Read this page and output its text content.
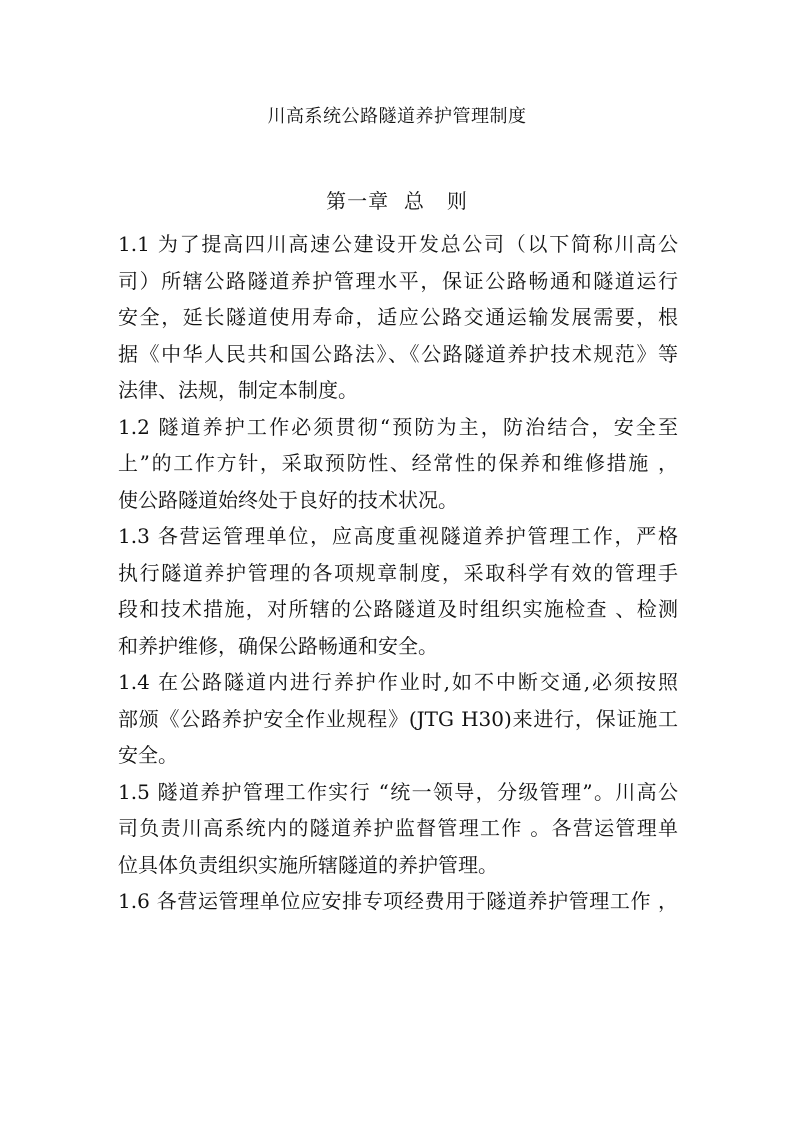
川高系统公路隧道养护管理制度
第一章 总 则
1.1 为了提高四川高速公建设开发总公司（以下简称川高公
司）所辖公路隧道养护管理水平，保证公路畅通和隧道运行
安全，延长隧道使用寿命，适应公路交通运输发展需要，根
据《中华人民共和国公路法》、《公路隧道养护技术规范》等
法律、法规，制定本制度。
1.2 隧道养护工作必须贯彻“预防为主，防治结合，安全至
上”的工作方针，采取预防性、经常性的保养和维修措施 ，
使公路隧道始终处于良好的技术状况。
1.3 各营运管理单位，应高度重视隧道养护管理工作，严格
执行隧道养护管理的各项规章制度，采取科学有效的管理手
段和技术措施，对所辖的公路隧道及时组织实施检查 、检测
和养护维修，确保公路畅通和安全。
1.4 在公路隧道内进行养护作业时,如不中断交通,必须按照
部颁《公路养护安全作业规程》(JTG H30)来进行，保证施工
安全。
1.5 隧道养护管理工作实行 “统一领导，分级管理”。川高公
司负责川高系统内的隧道养护监督管理工作 。各营运管理单
位具体负责组织实施所辖隧道的养护管理。
1.6 各营运管理单位应安排专项经费用于隧道养护管理工作 ，
